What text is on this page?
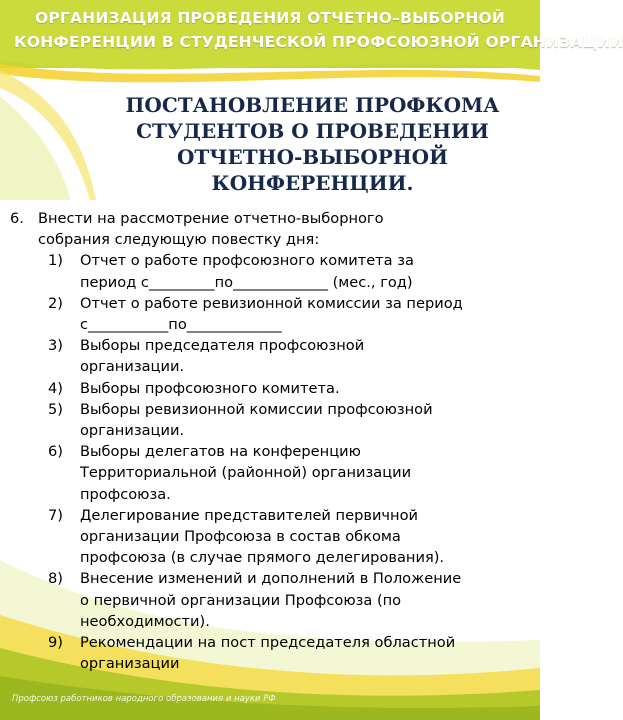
ОРГАНИЗАЦИЯ ПРОВЕДЕНИЯ ОТЧЕТНО–ВЫБОРНОЙ
КОНФЕРЕНЦИИ В СТУДЕНЧЕСКОЙ ПРОФСОЮЗНОЙ ОРГАНИЗАЦИИ
ПОСТАНОВЛЕНИЕ ПРОФКОМА
СТУДЕНТОВ О ПРОВЕДЕНИИ
ОТЧЕТНО-ВЫБОРНОЙ
КОНФЕРЕНЦИИ.
6. Внести на рассмотрение отчетно-выборного
собрания следующую повестку дня:
1) Отчет о работе профсоюзного комитета за
период с_________по_____________ (мес., год)
2) Отчет о работе ревизионной комиссии за период
с___________по_____________
3) Выборы председателя профсоюзной
организации.
4) Выборы профсоюзного комитета.
5) Выборы ревизионной комиссии профсоюзной
организации.
6) Выборы делегатов на конференцию
Территориальной (районной) организации
профсоюза.
7) Делегирование представителей первичной
организации Профсоюза в состав обкома
профсоюза (в случае прямого делегирования).
8) Внесение изменений и дополнений в Положение
о первичной организации Профсоюза (по
необходимости).
9) Рекомендации на пост председателя областной
организации
Профсоюз работников народного образования и науки РФ
